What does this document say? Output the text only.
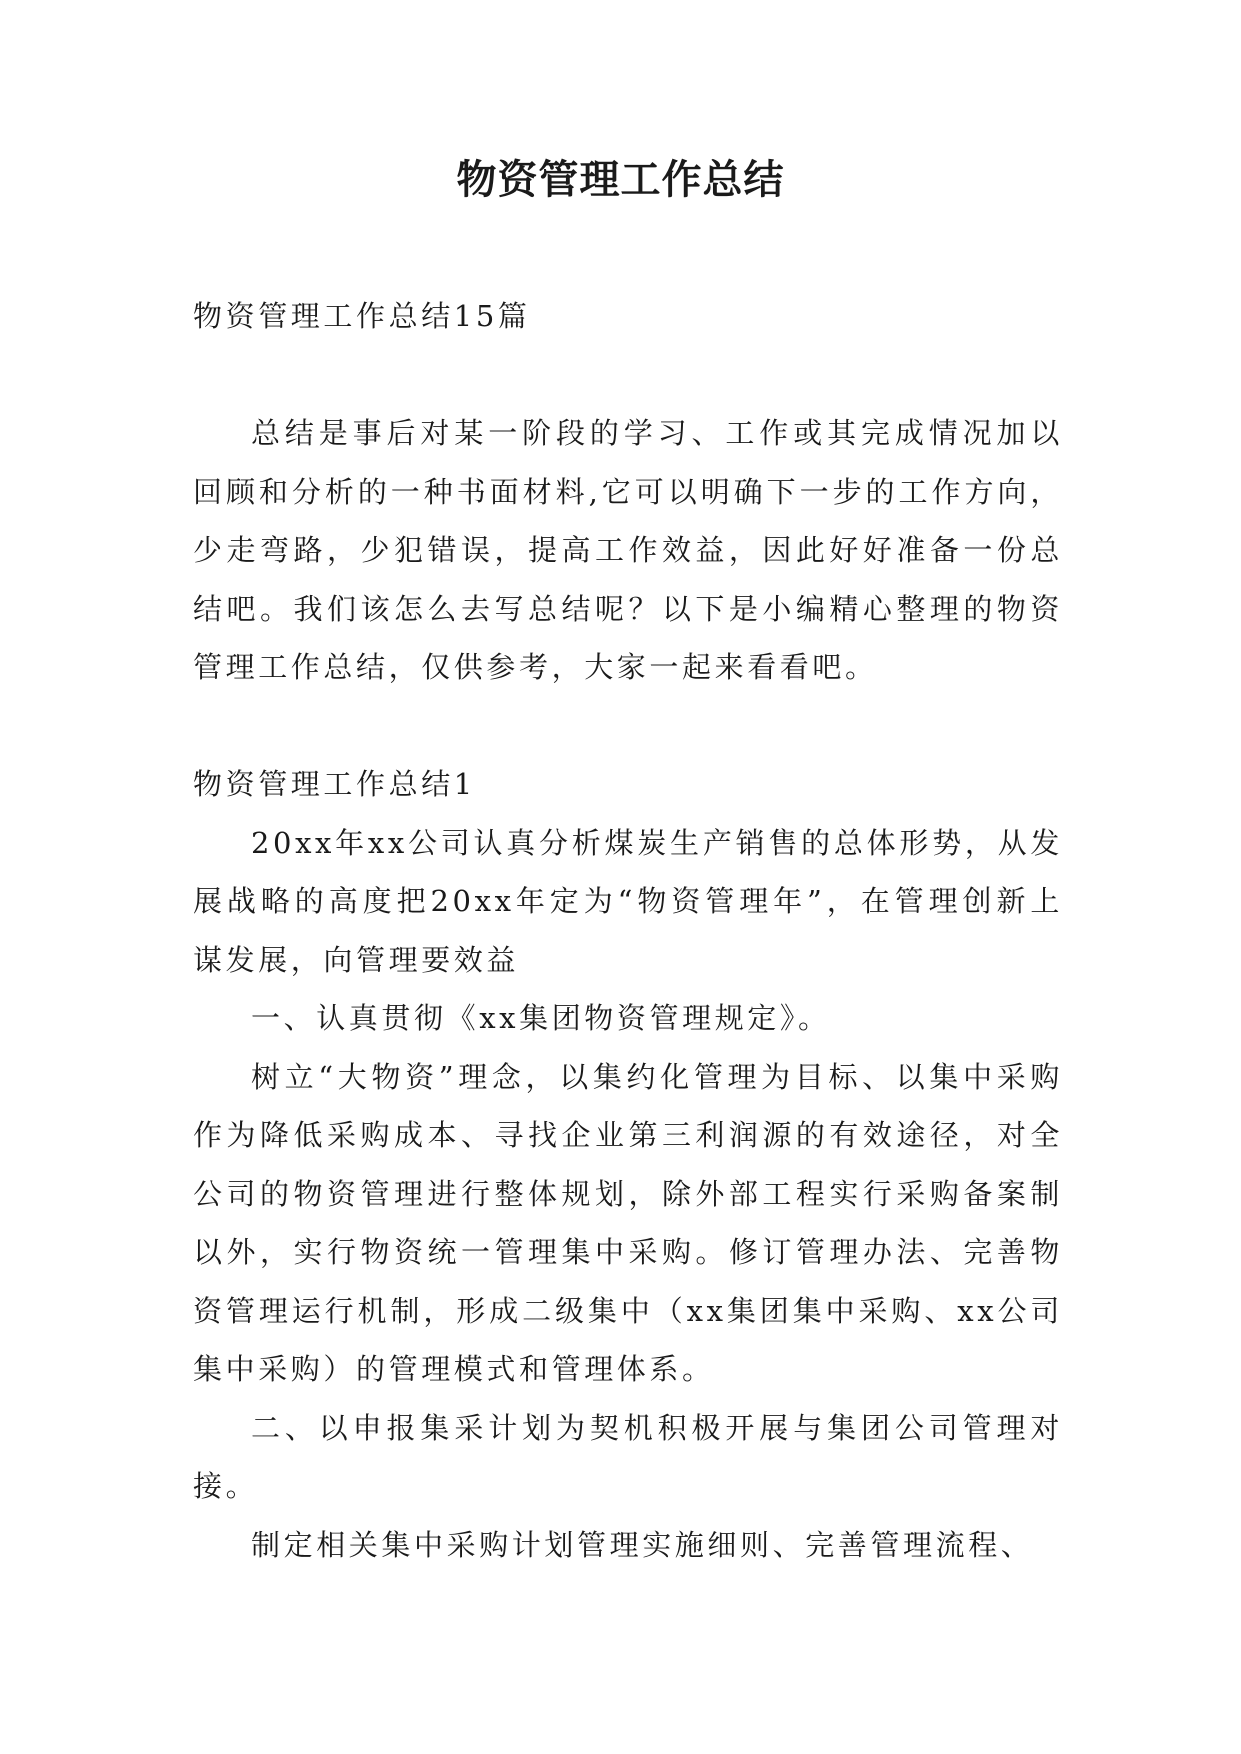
物资管理工作总结

物资管理工作总结15篇

总结是事后对某一阶段的学习、工作或其完成情况加以回顾和分析的一种书面材料,它可以明确下一步的工作方向，少走弯路，少犯错误，提高工作效益，因此好好准备一份总结吧。我们该怎么去写总结呢？以下是小编精心整理的物资管理工作总结，仅供参考，大家一起来看看吧。

物资管理工作总结1

20xx年xx公司认真分析煤炭生产销售的总体形势，从发展战略的高度把20xx年定为“物资管理年”，在管理创新上谋发展，向管理要效益

一、认真贯彻《xx集团物资管理规定》。

树立“大物资”理念，以集约化管理为目标、以集中采购作为降低采购成本、寻找企业第三利润源的有效途径，对全公司的物资管理进行整体规划，除外部工程实行采购备案制以外，实行物资统一管理集中采购。修订管理办法、完善物资管理运行机制，形成二级集中（xx集团集中采购、xx公司集中采购）的管理模式和管理体系。

二、以申报集采计划为契机积极开展与集团公司管理对接。

制定相关集中采购计划管理实施细则、完善管理流程、
